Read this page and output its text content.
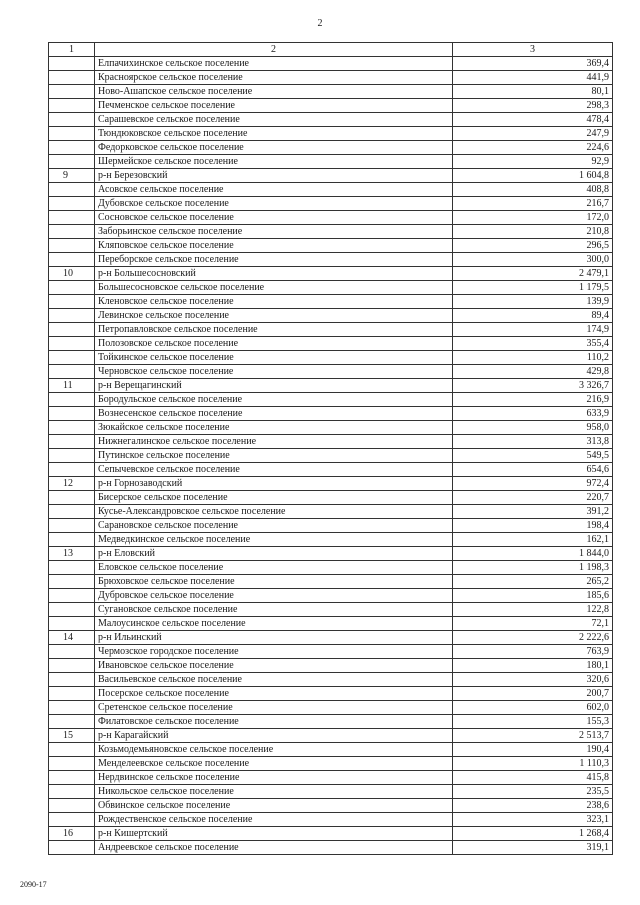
2
1	2	3
	Елпачихинское сельское поселение	369,4
	Красноярское сельское поселение	441,9
	Ново-Ашапское сельское поселение	80,1
	Печменское сельское поселение	298,3
	Сарашевское сельское поселение	478,4
	Тюндюковское сельское поселение	247,9
	Федорковское сельское поселение	224,6
	Шермейское сельское поселение	92,9
9	р-н Березовский	1 604,8
	Асовское сельское поселение	408,8
	Дубовское сельское поселение	216,7
	Сосновское сельское поселение	172,0
	Заборьинское сельское поселение	210,8
	Кляповское сельское поселение	296,5
	Переборское сельское поселение	300,0
10	р-н Большесосновский	2 479,1
	Большесосновское сельское поселение	1 179,5
	Кленовское сельское поселение	139,9
	Левинское сельское поселение	89,4
	Петропавловское сельское поселение	174,9
	Полозовское сельское поселение	355,4
	Тойкинское сельское поселение	110,2
	Черновское сельское поселение	429,8
11	р-н Верещагинский	3 326,7
	Бородульское сельское поселение	216,9
	Вознесенское сельское поселение	633,9
	Зюкайское сельское поселение	958,0
	Нижнегалинское сельское поселение	313,8
	Путинское сельское поселение	549,5
	Сепычевское сельское поселение	654,6
12	р-н Горнозаводский	972,4
	Бисерское сельское поселение	220,7
	Кусье-Александровское сельское поселение	391,2
	Сарановское сельское поселение	198,4
	Медведкинское сельское поселение	162,1
13	р-н Еловский	1 844,0
	Еловское сельское поселение	1 198,3
	Брюховское сельское поселение	265,2
	Дубровское сельское поселение	185,6
	Сугановское сельское поселение	122,8
	Малоусинское сельское поселение	72,1
14	р-н Ильинский	2 222,6
	Чермозское городское поселение	763,9
	Ивановское сельское поселение	180,1
	Васильевское сельское поселение	320,6
	Посерское сельское поселение	200,7
	Сретенское сельское поселение	602,0
	Филатовское сельское поселение	155,3
15	р-н Карагайский	2 513,7
	Козьмодемьяновское сельское поселение	190,4
	Менделеевское сельское поселение	1 110,3
	Нердвинское сельское поселение	415,8
	Никольское сельское поселение	235,5
	Обвинское сельское поселение	238,6
	Рождественское сельское поселение	323,1
16	р-н Кишертский	1 268,4
	Андреевское сельское поселение	319,1
2090-17
